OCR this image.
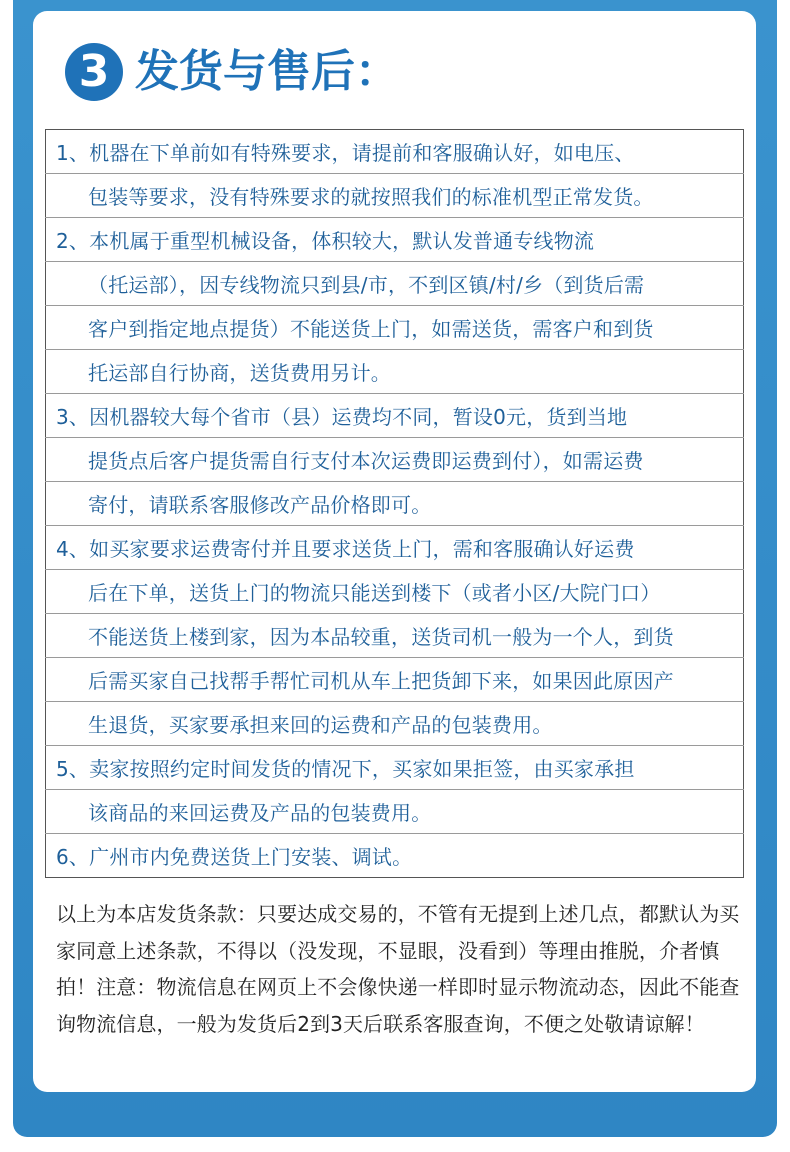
3 发货与售后：
1、机器在下单前如有特殊要求，请提前和客服确认好，如电压、
包装等要求，没有特殊要求的就按照我们的标准机型正常发货。
2、本机属于重型机械设备，体积较大，默认发普通专线物流
（托运部），因专线物流只到县/市，不到区镇/村/乡（到货后需
客户到指定地点提货）不能送货上门，如需送货，需客户和到货
托运部自行协商，送货费用另计。
3、因机器较大每个省市（县）运费均不同，暂设0元，货到当地
提货点后客户提货需自行支付本次运费即运费到付），如需运费
寄付，请联系客服修改产品价格即可。
4、如买家要求运费寄付并且要求送货上门，需和客服确认好运费
后在下单，送货上门的物流只能送到楼下（或者小区/大院门口）
不能送货上楼到家，因为本品较重，送货司机一般为一个人，到货
后需买家自己找帮手帮忙司机从车上把货卸下来，如果因此原因产
生退货，买家要承担来回的运费和产品的包装费用。
5、卖家按照约定时间发货的情况下，买家如果拒签，由买家承担
该商品的来回运费及产品的包装费用。
6、广州市内免费送货上门安装、调试。
以上为本店发货条款：只要达成交易的，不管有无提到上述几点，都默认为买家同意上述条款，不得以（没发现，不显眼，没看到）等理由推脱，介者慎拍！注意：物流信息在网页上不会像快递一样即时显示物流动态，因此不能查询物流信息，一般为发货后2到3天后联系客服查询，不便之处敬请谅解！
